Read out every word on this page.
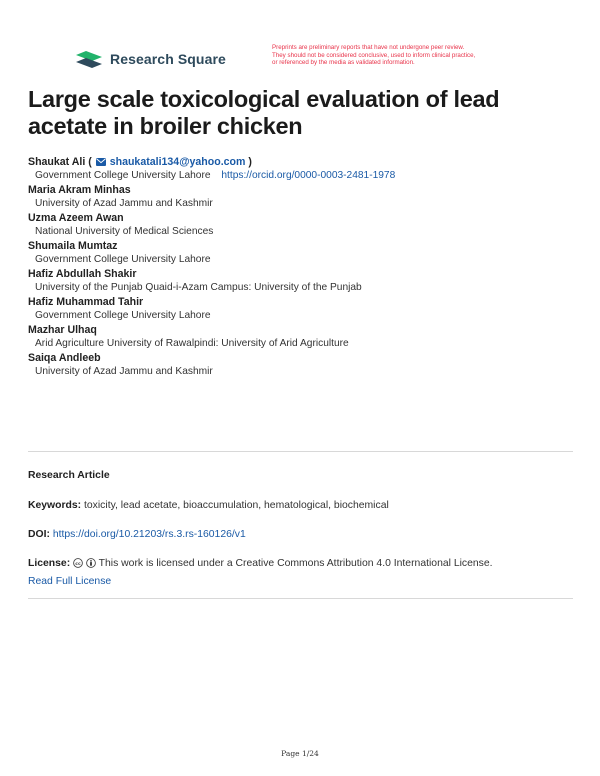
Research Square
Preprints are preliminary reports that have not undergone peer review.
They should not be considered conclusive, used to inform clinical practice,
or referenced by the media as validated information.
Large scale toxicological evaluation of lead acetate in broiler chicken
Shaukat Ali ( shaukatali134@yahoo.com )
Government College University Lahore https://orcid.org/0000-0003-2481-1978
Maria Akram Minhas
University of Azad Jammu and Kashmir
Uzma Azeem Awan
National University of Medical Sciences
Shumaila Mumtaz
Government College University Lahore
Hafiz Abdullah Shakir
University of the Punjab Quaid-i-Azam Campus: University of the Punjab
Hafiz Muhammad Tahir
Government College University Lahore
Mazhar Ulhaq
Arid Agriculture University of Rawalpindi: University of Arid Agriculture
Saiqa Andleeb
University of Azad Jammu and Kashmir
Research Article
Keywords: toxicity, lead acetate, bioaccumulation, hematological, biochemical
DOI: https://doi.org/10.21203/rs.3.rs-160126/v1
License: cc This work is licensed under a Creative Commons Attribution 4.0 International License.
Read Full License
Page 1/24
